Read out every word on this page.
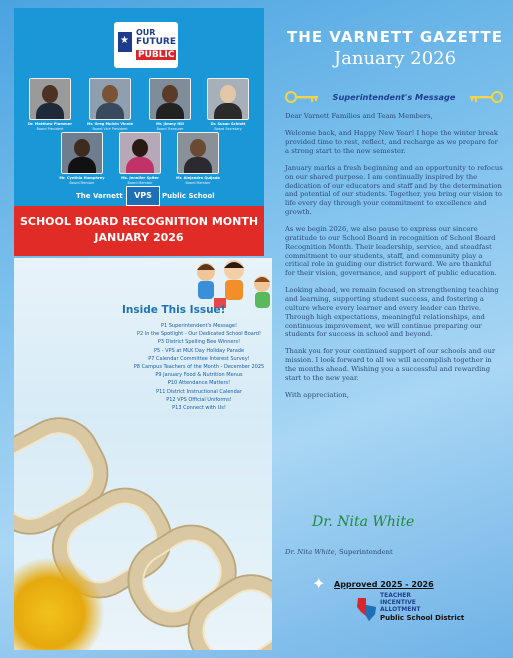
★
OUR
FUTURE
PUBLIC
Dr. Matthew Plummer
Board President
Mr. Greg Mulvin Vinnie
Board Vice President
Mr. Jimmy Hill
Board Treasurer
Dr. Susan Schlott
Board Secretary
Mr. Cynthia Humphrey
Board Member
Ms. Jennifer Spiter
Board Member
Mr. Alejandro Quijada
Board Member
The Varnett	VPS	Public School
SCHOOL BOARD RECOGNITION MONTH
JANUARY 2026
Inside This Issue!
P1 Superintendent's Message!
P2 In the Spotlight - Our Dedicated School Board!
P3 District Spelling Bee Winners!
P5 - VPS at MLK Day Holiday Parade
P7 Calendar Committee Interest Survey!
P8 Campus Teachers of the Month - December 2025
P9 January Food & Nutrition Menus
P10 Attendance Matters!
P11 District Instructional Calendar
P12 VPS Official Uniforms!
P13 Connect with Us!
THE VARNETT GAZETTE
January 2026
Superintendent's Message

Dear Varnett Families and Team Members,

Welcome back, and Happy New Year! I hope the winter break provided time to rest, reflect, and recharge as we prepare for a strong start to the new semester.

January marks a fresh beginning and an opportunity to refocus on our shared purpose. I am continually inspired by the dedication of our educators and staff and by the determination and potential of our students. Together, you bring our vision to life every day through your commitment to excellence and growth.

As we begin 2026, we also pause to express our sincere gratitude to our School Board in recognition of School Board Recognition Month. Their leadership, service, and steadfast commitment to our students, staff, and community play a critical role in guiding our district forward. We are thankful for their vision, governance, and support of public education.

Looking ahead, we remain focused on strengthening teaching and learning, supporting student success, and fostering a culture where every learner and every leader can thrive. Through high expectations, meaningful relationships, and continuous improvement, we will continue preparing our students for success in school and beyond.

Thank you for your continued support of our schools and our mission. I look forward to all we will accomplish together in the months ahead. Wishing you a successful and rewarding start to the new year.

With appreciation,

Dr. Nita White
Dr. Nita White, Superintendent
✦	Approved 2025 - 2026
TEACHER
INCENTIVE
ALLOTMENT
Public School District
